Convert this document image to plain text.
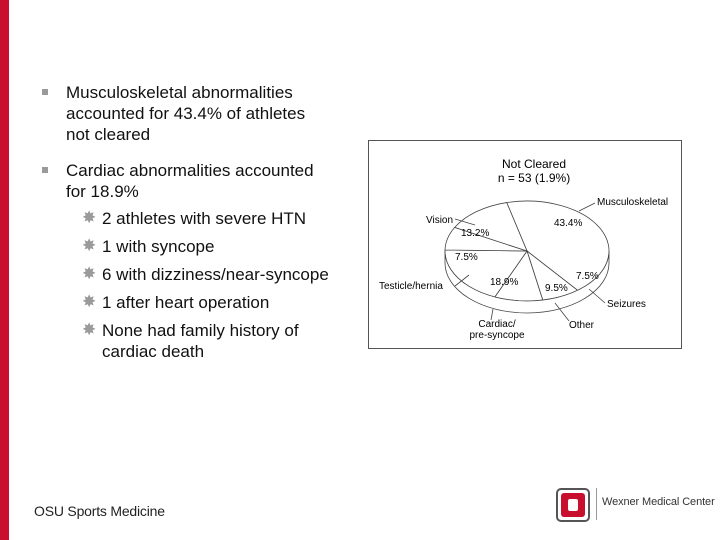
Musculoskeletal abnormalities
accounted for 43.4% of athletes
not cleared
Cardiac abnormalities accounted
for 18.9%
✸ 2 athletes with severe HTN
✸ 1 with syncope
✸ 6 with dizziness/near-syncope
✸ 1 after heart operation
✸ None had family history of
cardiac death
Not Cleared
n = 53 (1.9%)
Musculoskeletal
Vision
Testicle/hernia
Cardiac/
pre-syncope
Other
Seizures
43.4%
13.2%
7.5%
18.9%
9.5%
7.5%
OSU Sports Medicine
Wexner Medical Center
